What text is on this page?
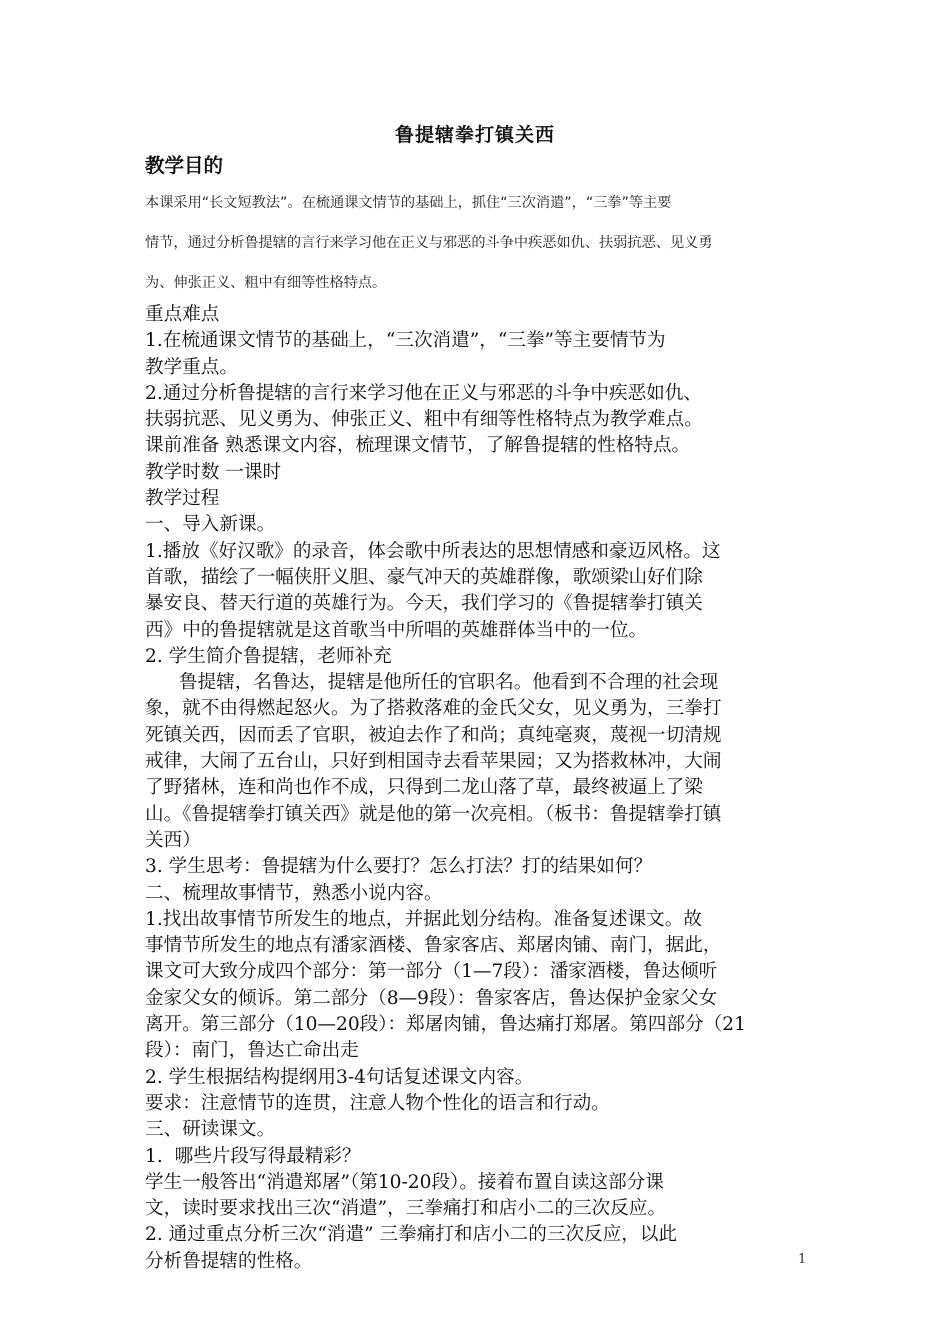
鲁提辖拳打镇关西
教学目的
本课采用“长文短教法”。在梳通课文情节的基础上，抓住“三次消遣”，“三拳”等主要
情节，通过分析鲁提辖的言行来学习他在正义与邪恶的斗争中疾恶如仇、扶弱抗恶、见义勇
为、伸张正义、粗中有细等性格特点。
重点难点
1.在梳通课文情节的基础上，“三次消遣”，“三拳”等主要情节为
教学重点。
2.通过分析鲁提辖的言行来学习他在正义与邪恶的斗争中疾恶如仇、
扶弱抗恶、见义勇为、伸张正义、粗中有细等性格特点为教学难点。
课前准备 熟悉课文内容，梳理课文情节，了解鲁提辖的性格特点。
教学时数 一课时
教学过程
一、导入新课。
1.播放《好汉歌》的录音，体会歌中所表达的思想情感和豪迈风格。这
首歌，描绘了一幅侠肝义胆、豪气冲天的英雄群像，歌颂梁山好们除
暴安良、替天行道的英雄行为。今天，我们学习的《鲁提辖拳打镇关
西》中的鲁提辖就是这首歌当中所唱的英雄群体当中的一位。
2. 学生简介鲁提辖，老师补充
鲁提辖，名鲁达，提辖是他所任的官职名。他看到不合理的社会现
象，就不由得燃起怒火。为了搭救落难的金氏父女，见义勇为，三拳打
死镇关西，因而丢了官职，被迫去作了和尚；真纯毫爽，蔑视一切清规
戒律，大闹了五台山，只好到相国寺去看苹果园；又为搭救林冲，大闹
了野猪林，连和尚也作不成，只得到二龙山落了草，最终被逼上了梁
山。《鲁提辖拳打镇关西》就是他的第一次亮相。（板书：鲁提辖拳打镇
关西）
3. 学生思考：鲁提辖为什么要打？怎么打法？打的结果如何？
二、梳理故事情节，熟悉小说内容。
1.找出故事情节所发生的地点，并据此划分结构。准备复述课文。故
事情节所发生的地点有潘家酒楼、鲁家客店、郑屠肉铺、南门，据此，
课文可大致分成四个部分：第一部分（1—7段）：潘家酒楼，鲁达倾听
金家父女的倾诉。第二部分（8—9段）：鲁家客店，鲁达保护金家父女
离开。第三部分（10—20段）：郑屠肉铺，鲁达痛打郑屠。第四部分（21
段）：南门，鲁达亡命出走
2. 学生根据结构提纲用3-4句话复述课文内容。
要求：注意情节的连贯，注意人物个性化的语言和行动。
三、研读课文。
1. 哪些片段写得最精彩？
学生一般答出“消遣郑屠”（第10-20段）。接着布置自读这部分课
文，读时要求找出三次“消遣”，三拳痛打和店小二的三次反应。
2. 通过重点分析三次“消遣” 三拳痛打和店小二的三次反应，以此
分析鲁提辖的性格。	1
